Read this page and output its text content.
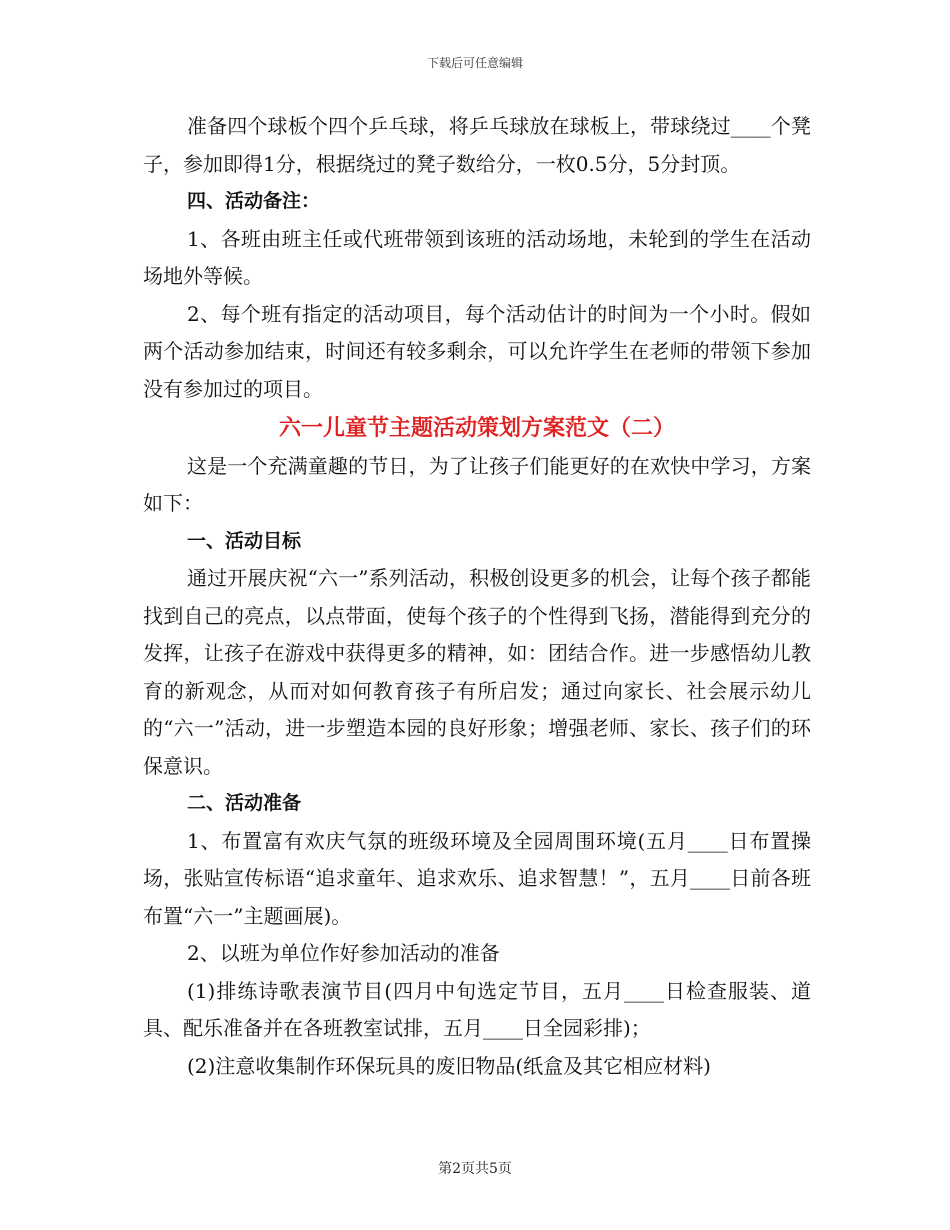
下载后可任意编辑

准备四个球板个四个乒乓球，将乒乓球放在球板上，带球绕过____个凳子，参加即得1分，根据绕过的凳子数给分，一枚0.5分，5分封顶。

四、活动备注：

1、各班由班主任或代班带领到该班的活动场地，未轮到的学生在活动场地外等候。

2、每个班有指定的活动项目，每个活动估计的时间为一个小时。假如两个活动参加结束，时间还有较多剩余，可以允许学生在老师的带领下参加没有参加过的项目。

六一儿童节主题活动策划方案范文（二）

这是一个充满童趣的节日，为了让孩子们能更好的在欢快中学习，方案如下：

一、活动目标

通过开展庆祝“六一”系列活动，积极创设更多的机会，让每个孩子都能找到自己的亮点，以点带面，使每个孩子的个性得到飞扬，潜能得到充分的发挥，让孩子在游戏中获得更多的精神，如：团结合作。进一步感悟幼儿教育的新观念，从而对如何教育孩子有所启发；通过向家长、社会展示幼儿的“六一”活动，进一步塑造本园的良好形象；增强老师、家长、孩子们的环保意识。

二、活动准备

1、布置富有欢庆气氛的班级环境及全园周围环境(五月____日布置操场，张贴宣传标语“追求童年、追求欢乐、追求智慧！”，五月____日前各班布置“六一”主题画展)。

2、以班为单位作好参加活动的准备

(1)排练诗歌表演节目(四月中旬选定节目，五月____日检查服装、道具、配乐准备并在各班教室试排，五月____日全园彩排)；

(2)注意收集制作环保玩具的废旧物品(纸盒及其它相应材料)

第2页共5页
